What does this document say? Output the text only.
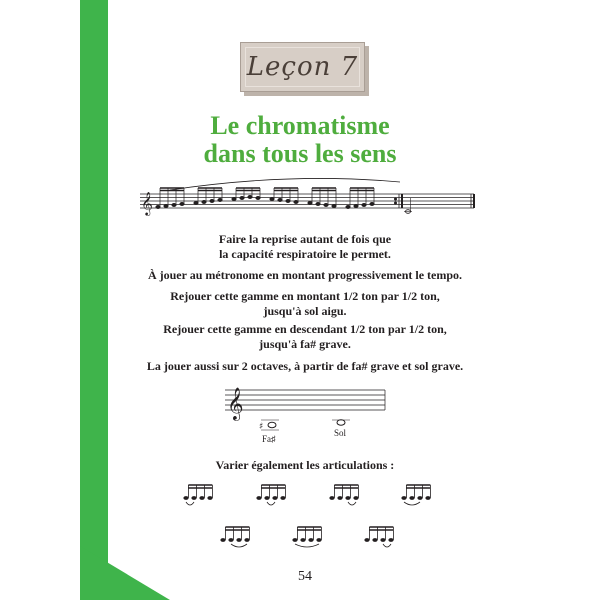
Leçon 7
Le chromatisme
dans tous les sens
𝄞
Faire la reprise autant de fois que
la capacité respiratoire le permet.
À jouer au métronome en montant progressivement le tempo.
Rejouer cette gamme en montant 1/2 ton par 1/2 ton,
jusqu'à sol aigu.
Rejouer cette gamme en descendant 1/2 ton par 1/2 ton,
jusqu'à fa# grave.
La jouer aussi sur 2 octaves, à partir de fa# grave et sol grave.
𝄞
♯
Fa♯
Sol
Varier également les articulations :
54
